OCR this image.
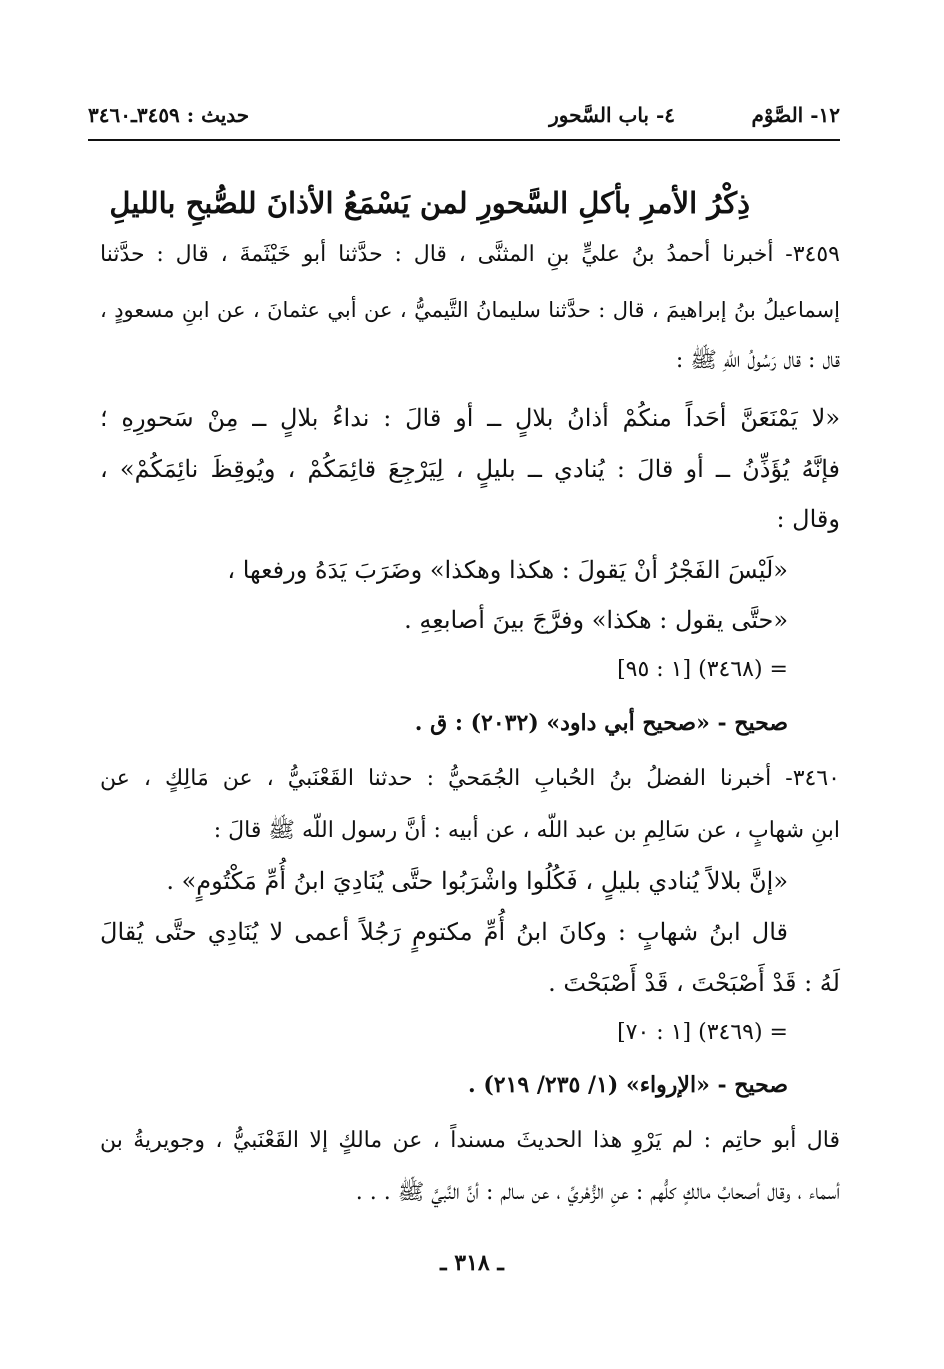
١٢- الصَّوْم
٤- باب السَّحور
حديث : ٣٤٥٩ـ٣٤٦٠
ذِكْرُ الأمرِ بأكلِ السَّحورِ لمن يَسْمَعُ الأذانَ للصُّبحِ بالليلِ
٣٤٥٩- أخبرنا أحمدُ بنُ عليٍّ بنِ المثنَّى ، قال : حدَّثنا أبو خَيْثَمةَ ، قال : حدَّثنا
إسماعيلُ بنُ إبراهيمَ ، قال : حدَّثنا سليمانُ التَّيميُّ ، عن أبي عثمانَ ، عن ابنِ مسعودٍ ،
قال : قال رَسُولُ اللّهِ ﷺ :
«لا يَمْنَعَنَّ أحَداً منكُمْ أذانُ بلالٍ ــ أو قالَ : نداءُ بلالٍ ــ مِنْ سَحورِهِ ؛
فإنَّهُ يُؤَذِّنُ ــ أو قالَ : يُنادي ــ بليلٍ ، لِيَرْجِعَ قائِمَكُمْ ، ويُوقِظَ نائِمَكُمْ» ،
وقال :
«لَيْسَ الفَجْرُ أنْ يَقولَ : هكذا وهكذا» وضَرَبَ يَدَهُ ورفعها ،
«حتَّى يقول : هكذا» وفرَّجَ بينَ أصابعِهِ .
= (٣٤٦٨) [١ : ٩٥]
صحيح - «صحيح أبي داود» (٢٠٣٢) : ق .
٣٤٦٠- أخبرنا الفضلُ بنُ الحُبابِ الجُمَحيُّ : حدثنا القَعْنَبيُّ ، عن مَالِكٍ ، عن
ابنِ شهابٍ ، عن سَالِمِ بن عبد اللّه ، عن أبيه : أنَّ رسول اللّه ﷺ قالَ :
«إنَّ بلالاً يُنادي بليلٍ ، فَكُلُوا واشْرَبُوا حتَّى يُنَادِيَ ابنُ أُمِّ مَكْتُومٍ» .
قال ابنُ شهابٍ : وكانَ ابنُ أُمِّ مكتومٍ رَجُلاً أعمى لا يُنَادِي حتَّى يُقالَ
لَهُ : قَدْ أَصْبَحْتَ ، قَدْ أَصْبَحْتَ .
= (٣٤٦٩) [١ : ٧٠]
صحيح - «الإرواء» (١/ ٢٣٥/ ٢١٩) .
قال أبو حاتِم : لم يَرْوِ هذا الحديثَ مسنداً ، عن مالكٍ إلا القَعْنَبيُّ ، وجويريةُ بن
أسماء ، وقال أصحابُ مالكٍ كلُّهم : عنِ الزُّهْريِّ ، عن سالم : أنَّ النَّبيَّ ﷺ . . .
ـ ٣١٨ ـ
